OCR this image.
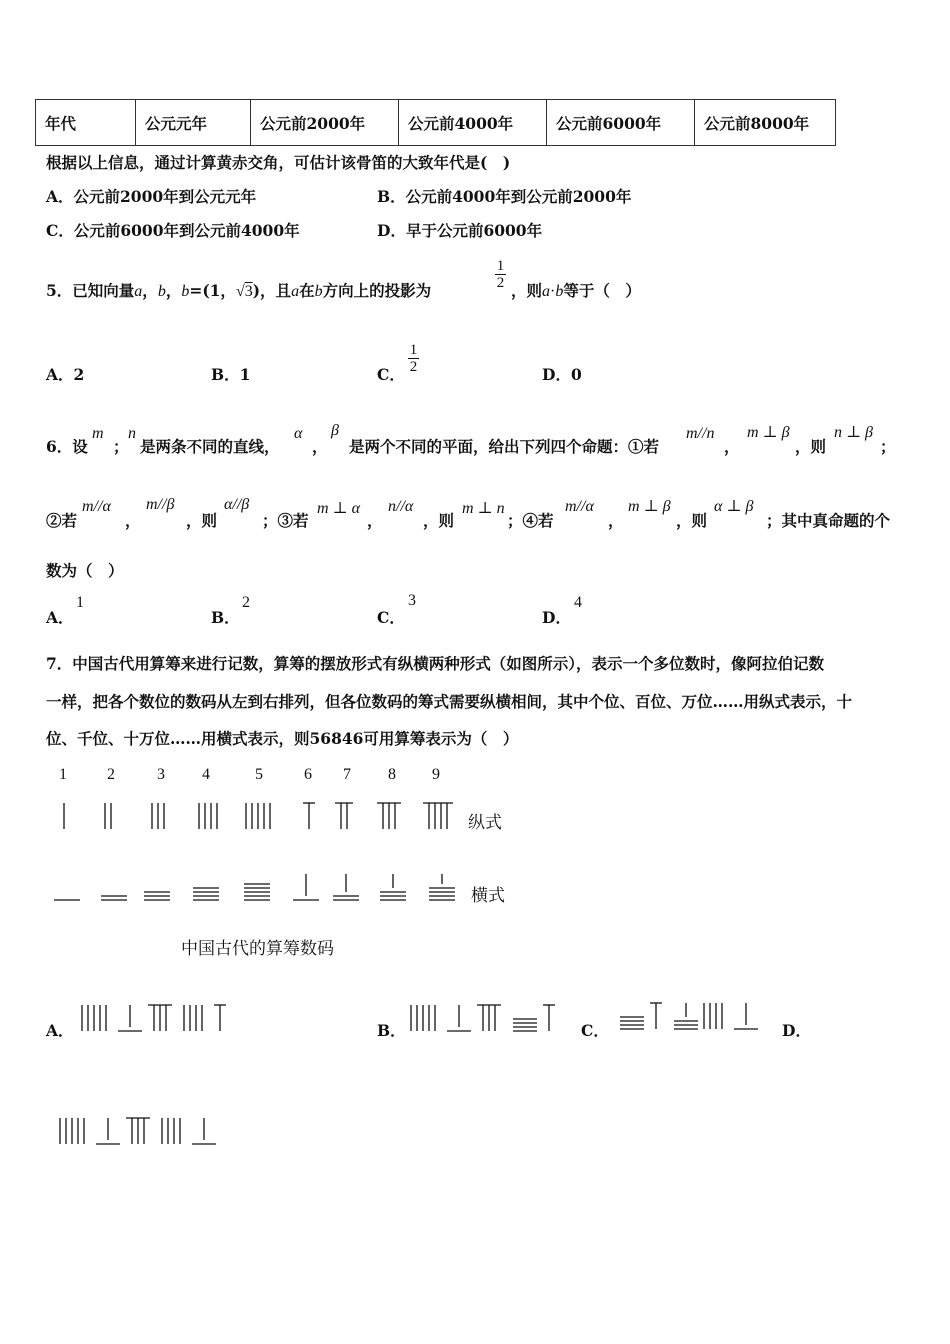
年代	公元元年	公元前2000年	公元前4000年	公元前6000年	公元前8000年
根据以上信息，通过计算黄赤交角，可估计该骨笛的大致年代是(　)
A．公元前2000年到公元元年	B．公元前4000年到公元前2000年
C．公元前6000年到公元前4000年	D．早于公元前6000年
5．已知向量a，b，b=(1，√3)，且a在b方向上的投影为	$\frac{1}{2}$ ，则a·b等于（　）
A．2	B．1	C． $\frac{1}{2}$	D．0
6．设
m
；
n
是两条不同的直线，
α
，
β
是两个不同的平面，给出下列四个命题：①若
m//n
，
m ⊥ β
，则
n ⊥ β
；
②若
m//α
，
m//β
，则
α//β
；③若
m ⊥ α
，
n//α
，则
m ⊥ n
；④若
m//α
，
m ⊥ β
，则
α ⊥ β
；其中真命题的个
数为（　）
A．
1
B．
2
C．
3
D．
4
7．中国古代用算筹来进行记数，算筹的摆放形式有纵横两种形式（如图所示），表示一个多位数时，像阿拉伯记数
一样，把各个数位的数码从左到右排列，但各位数码的筹式需要纵横相间，其中个位、百位、万位……用纵式表示，十
位、千位、十万位……用横式表示，则56846可用算筹表示为（　）
1	2	3 4	5	6 7 8 9
纵式
横式
中国古代的算筹数码
A．	B．	C．	D．
